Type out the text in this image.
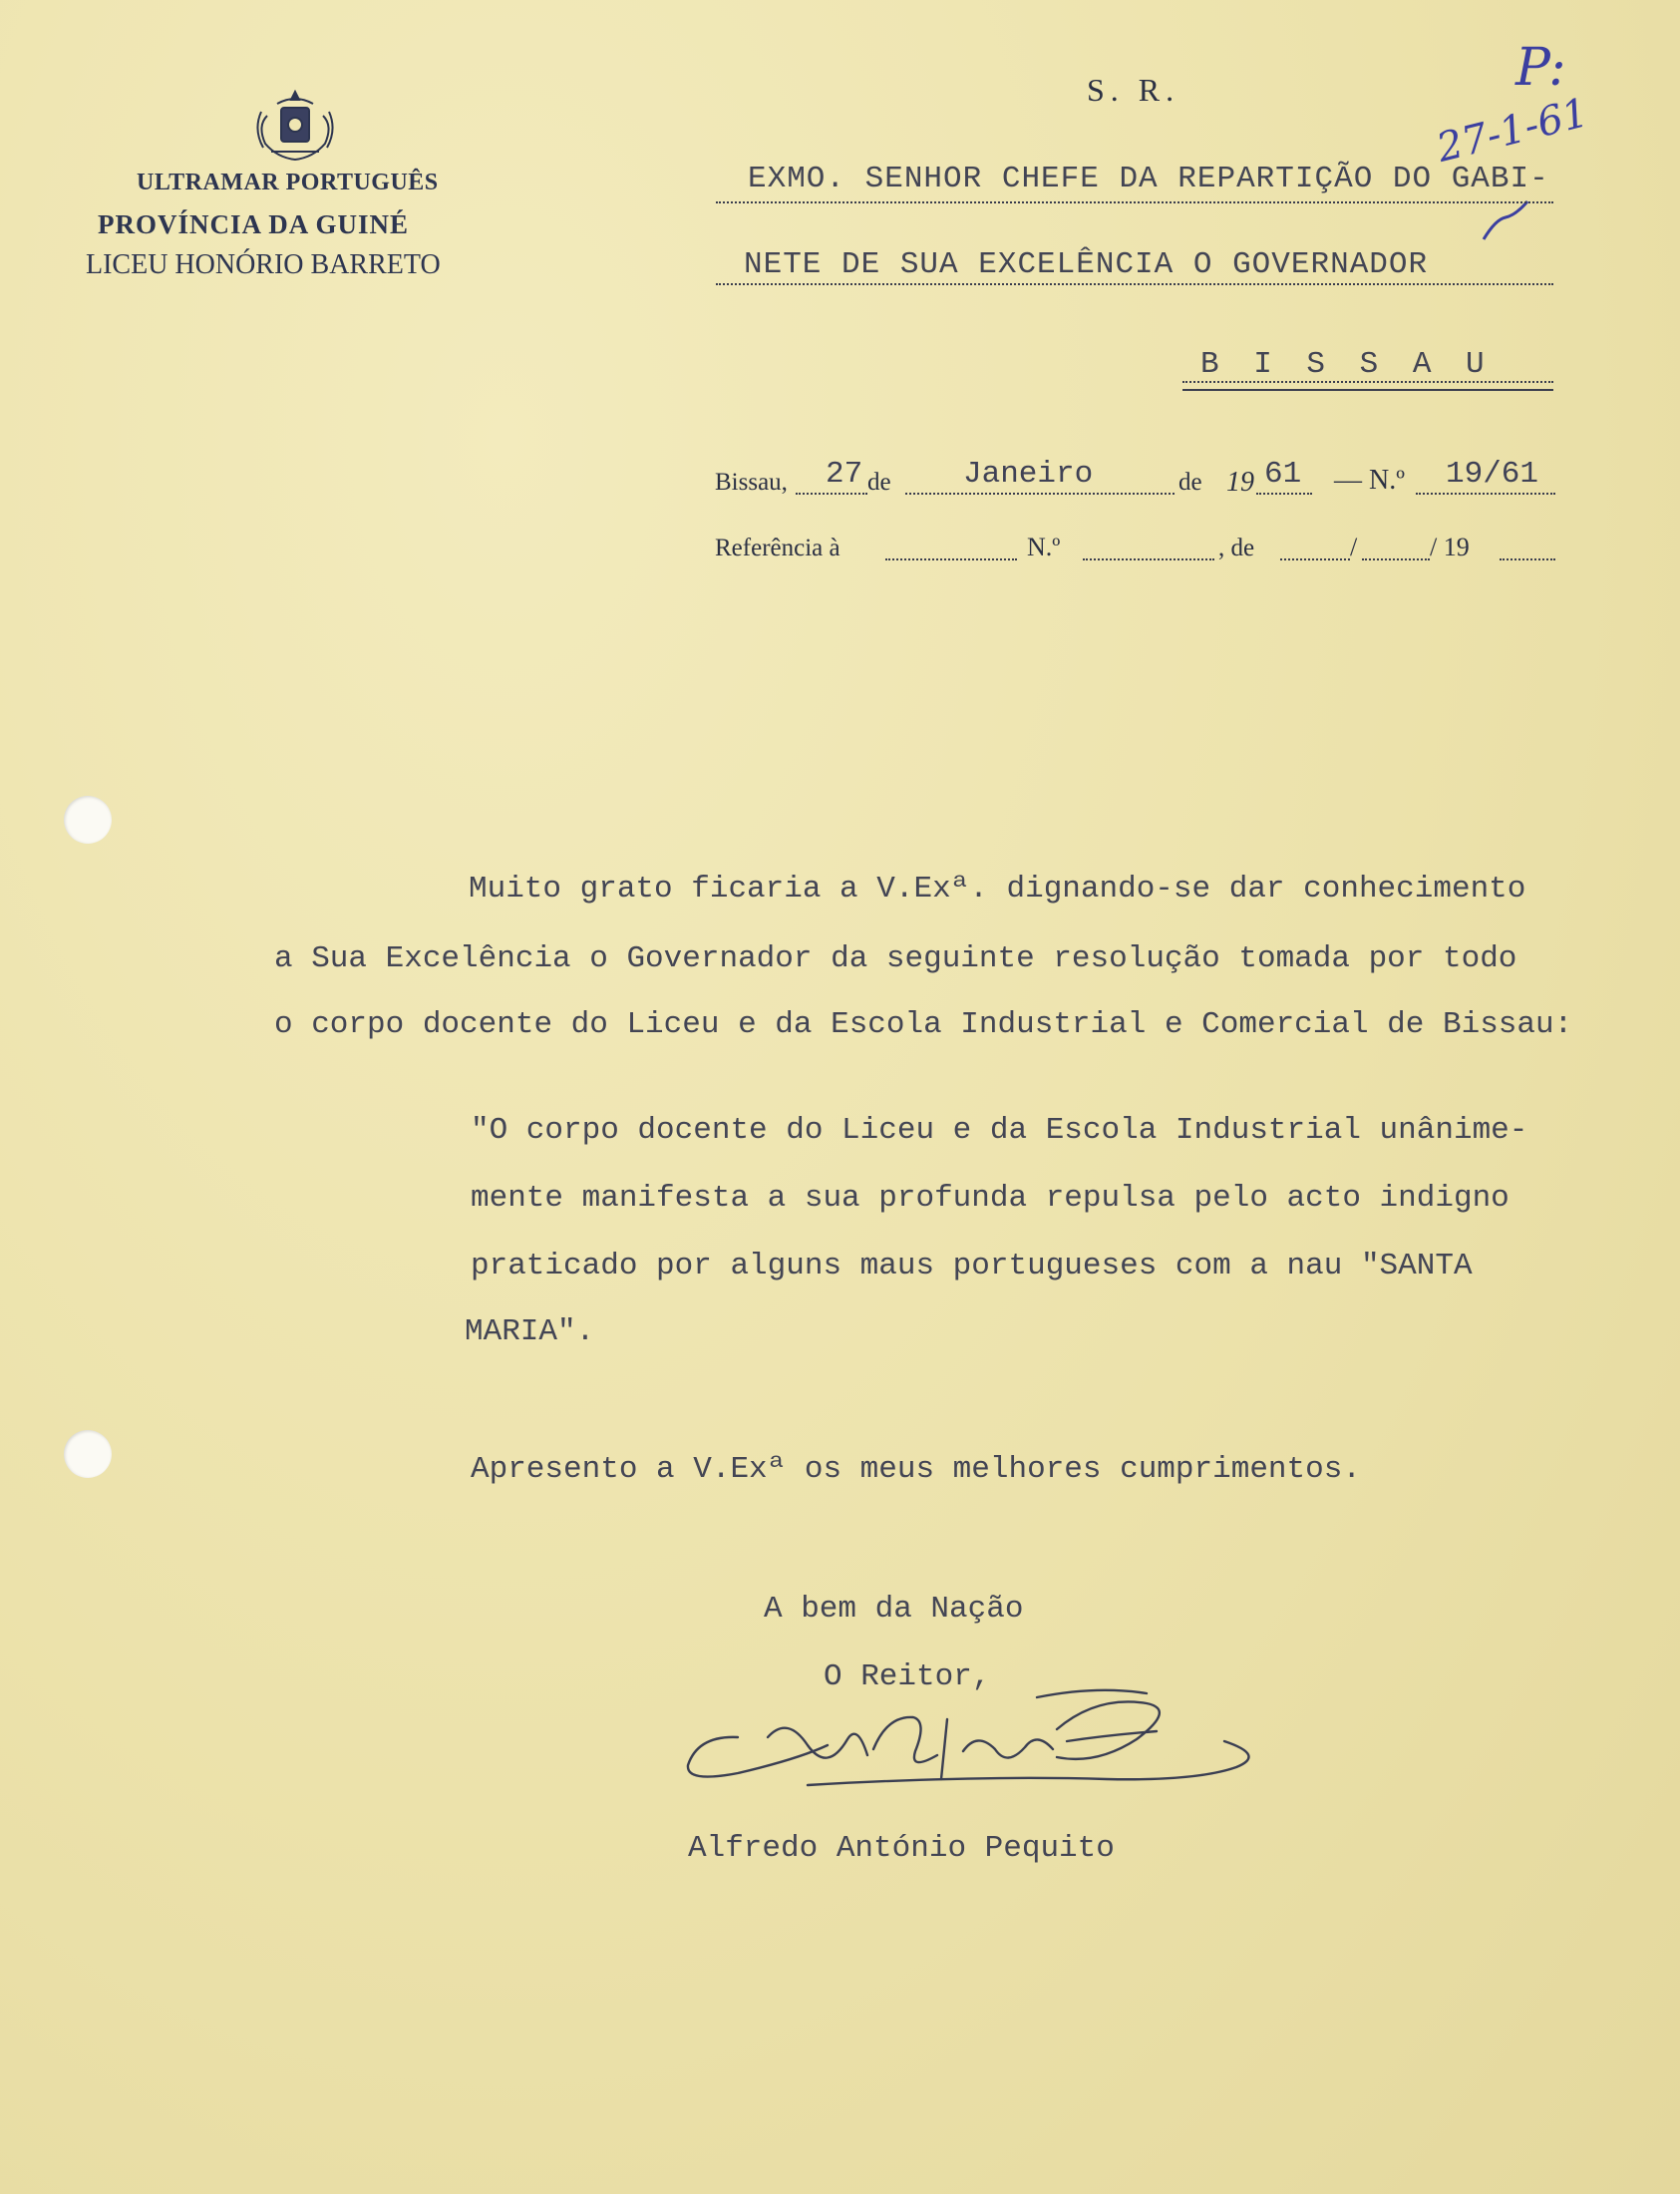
ULTRAMAR PORTUGUÊS
PROVÍNCIA DA GUINÉ
LICEU HONÓRIO BARRETO
S. R.	P:
27-1-61
EXMO. SENHOR CHEFE DA REPARTIÇÃO DO GABI-
NETE DE SUA EXCELÊNCIA O GOVERNADOR
B I S S A U
Bissau, 27 de Janeiro	de 19 61 — N.º 19/61
Referência à	N.º	, de	/	/ 19
Muito grato ficaria a V.Exª. dignando-se dar conhecimento
a Sua Excelência o Governador da seguinte resolução tomada por todo
o corpo docente do Liceu e da Escola Industrial e Comercial de Bissau:
"O corpo docente do Liceu e da Escola Industrial unânime-
mente manifesta a sua profunda repulsa pelo acto indigno
praticado por alguns maus portugueses com a nau "SANTA
MARIA".
Apresento a V.Exª os meus melhores cumprimentos.
A bem da Nação
O Reitor,
Alfredo António Pequito
